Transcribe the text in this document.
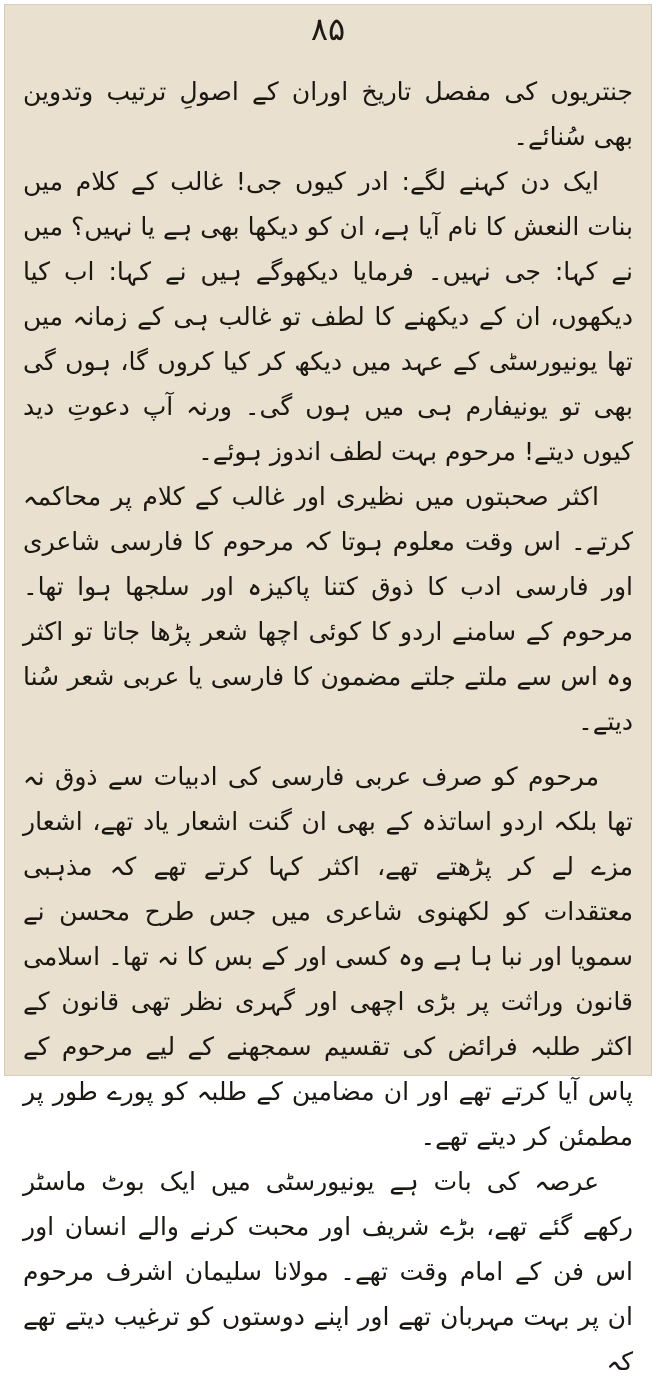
۸۵

جنتریوں کی مفصل تاریخ اوران کے اصولِ ترتیب وتدوین بھی سُنائے۔

ایک دن کہنے لگے: ادر کیوں جی! غالب کے کلام میں بنات النعش کا نام آیا ہے، ان کو دیکھا بھی ہے یا نہیں؟ میں نے کہا: جی نہیں۔ فرمایا دیکھوگے ہیں نے کہا: اب کیا دیکھوں، ان کے دیکھنے کا لطف تو غالب ہی کے زمانہ میں تھا یونیورسٹی کے عہد میں دیکھ کر کیا کروں گا، ہوں گی بھی تو یونیفارم ہی میں ہوں گی۔ ورنہ آپ دعوتِ دید کیوں دیتے! مرحوم بہت لطف اندوز ہوئے۔

اکثر صحبتوں میں نظیری اور غالب کے کلام پر محاکمہ کرتے۔ اس وقت معلوم ہوتا کہ مرحوم کا فارسی شاعری اور فارسی ادب کا ذوق کتنا پاکیزہ اور سلجھا ہوا تھا۔ مرحوم کے سامنے اردو کا کوئی اچھا شعر پڑھا جاتا تو اکثر وہ اس سے ملتے جلتے مضمون کا فارسی یا عربی شعر سُنا دیتے۔

مرحوم کو صرف عربی فارسی کی ادبیات سے ذوق نہ تھا بلکہ اردو اساتذہ کے بھی ان گنت اشعار یاد تھے، اشعار مزے لے کر پڑھتے تھے، اکثر کہا کرتے تھے کہ مذہبی معتقدات کو لکھنوی شاعری میں جس طرح محسن نے سمویا اور نبا ہا ہے وہ کسی اور کے بس کا نہ تھا۔ اسلامی قانون وراثت پر بڑی اچھی اور گہری نظر تھی قانون کے اکثر طلبہ فرائض کی تقسیم سمجھنے کے لیے مرحوم کے پاس آیا کرتے تھے اور ان مضامین کے طلبہ کو پورے طور پر مطمئن کر دیتے تھے۔

عرصہ کی بات ہے یونیورسٹی میں ایک بوٹ ماسٹر رکھے گئے تھے، بڑے شریف اور محبت کرنے والے انسان اور اس فن کے امام وقت تھے۔ مولانا سلیمان اشرف مرحوم ان پر بہت مہربان تھے اور اپنے دوستوں کو ترغیب دیتے تھے کہ
